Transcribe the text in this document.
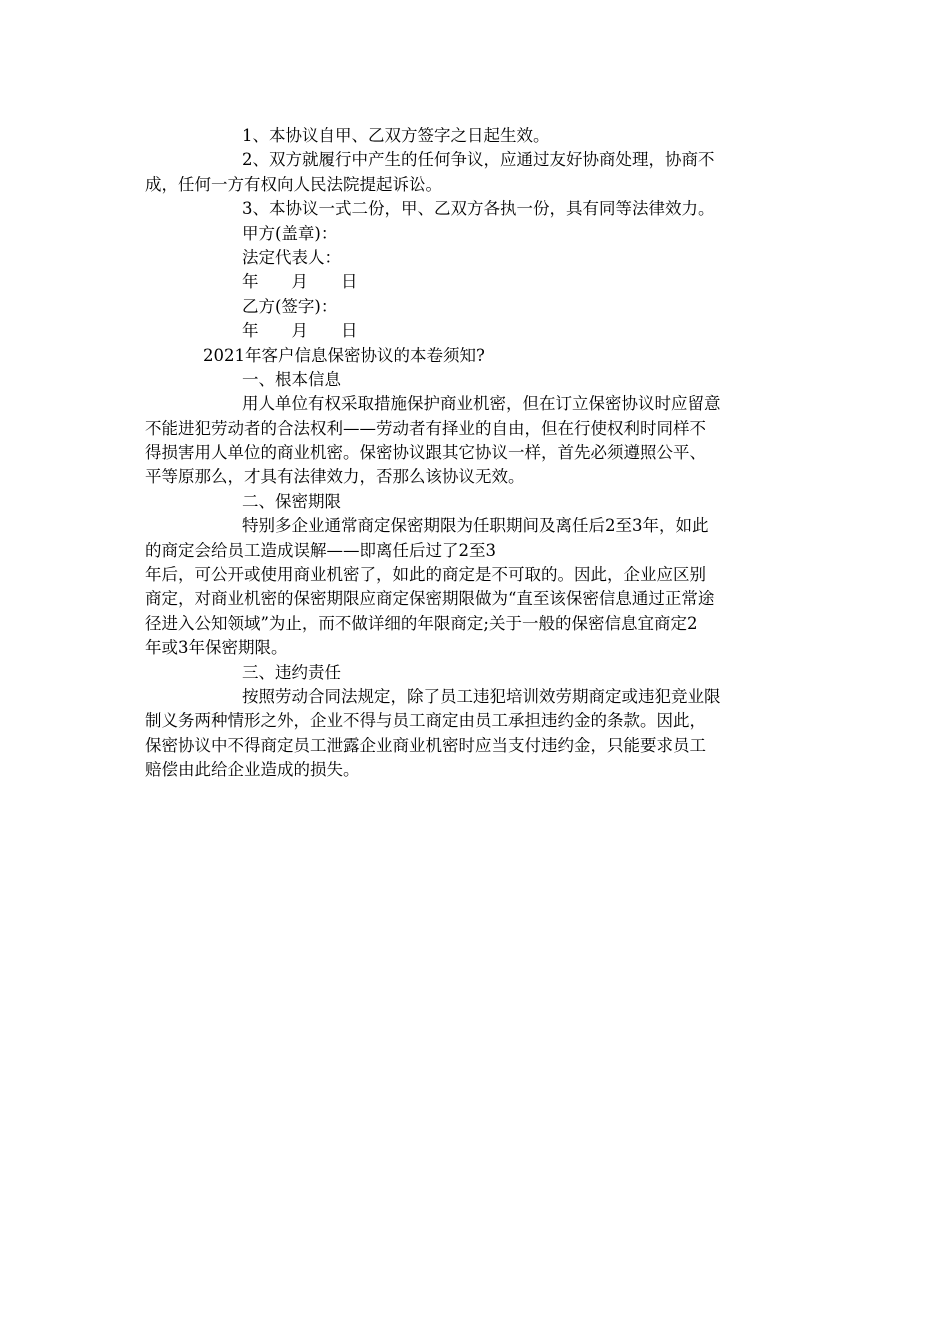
1、本协议自甲、乙双方签字之日起生效。
2、双方就履行中产生的任何争议，应通过友好协商处理，协商不
成，任何一方有权向人民法院提起诉讼。
3、本协议一式二份，甲、乙双方各执一份，具有同等法律效力。
甲方(盖章)：
法定代表人：
年　　月　　日
乙方(签字)：
年　　月　　日
2021年客户信息保密协议的本卷须知?
一、根本信息
用人单位有权采取措施保护商业机密，但在订立保密协议时应留意
不能进犯劳动者的合法权利——劳动者有择业的自由，但在行使权利时同样不
得损害用人单位的商业机密。保密协议跟其它协议一样，首先必须遵照公平、
平等原那么，才具有法律效力，否那么该协议无效。
二、保密期限
特别多企业通常商定保密期限为任职期间及离任后2至3年，如此
的商定会给员工造成误解——即离任后过了2至3
年后，可公开或使用商业机密了，如此的商定是不可取的。因此，企业应区别
商定，对商业机密的保密期限应商定保密期限做为“直至该保密信息通过正常途
径进入公知领域”为止，而不做详细的年限商定;关于一般的保密信息宜商定2
年或3年保密期限。
三、违约责任
按照劳动合同法规定，除了员工违犯培训效劳期商定或违犯竞业限
制义务两种情形之外，企业不得与员工商定由员工承担违约金的条款。因此，
保密协议中不得商定员工泄露企业商业机密时应当支付违约金，只能要求员工
赔偿由此给企业造成的损失。
